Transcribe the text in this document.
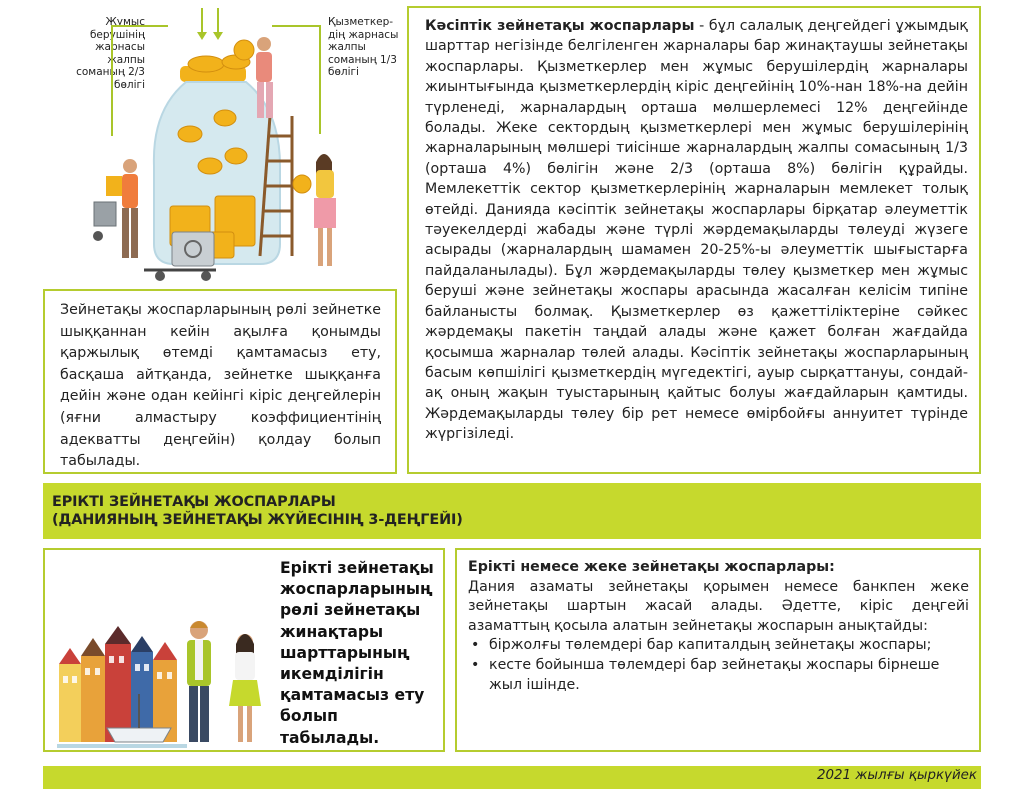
Жұмыс берушінің жарнасы жалпы соманың 2/3 бөлігі
Қызметкер-дің жарнасы жалпы соманың 1/3 бөлігі
Кәсіптік зейнетақы жоспарлары - бұл салалық деңгейдегі ұжымдық шарттар негізінде белгіленген жарналары бар жинақтаушы зейнетақы жоспарлары. Қызметкерлер мен жұмыс берушілердің жарналары жиынтығында қызметкерлердің кіріс деңгейінің 10%-нан 18%-на дейін түрленеді, жарналардың орташа мөлшерлемесі 12% деңгейінде болады. Жеке сектордың қызметкерлері мен жұмыс берушілерінің жарналарының мөлшері тиісінше жарналардың жалпы сомасының 1/3 (орташа 4%) бөлігін және 2/3 (орташа 8%) бөлігін құрайды. Мемлекеттік сектор қызметкерлерінің жарналарын мемлекет толық өтейді. Данияда кәсіптік зейнетақы жоспарлары бірқатар әлеуметтік тәуекелдерді жабады және түрлі жәрдемақыларды төлеуді жүзеге асырады (жарналардың шамамен 20-25%-ы әлеуметтік шығыстарға пайдаланылады). Бұл жәрдемақыларды төлеу қызметкер мен жұмыс беруші және зейнетақы жоспары арасында жасалған келісім типіне байланысты болмақ. Қызметкерлер өз қажеттіліктеріне сәйкес жәрдемақы пакетін таңдай алады және қажет болған жағдайда қосымша жарналар төлей алады. Кәсіптік зейнетақы жоспарларының басым көпшілігі қызметкердің мүгедектігі, ауыр сырқаттануы, сондай-ақ оның жақын туыстарының қайтыс болуы жағдайларын қамтиды. Жәрдемақыларды төлеу бір рет немесе өмірбойғы аннуитет түрінде жүргізіледі.
Зейнетақы жоспарларының рөлі зейнетке шыққаннан кейін ақылға қонымды қаржылық өтемді қамтамасыз ету, басқаша айтқанда, зейнетке шыққанға дейін және одан кейінгі кіріс деңгейлерін (яғни алмастыру коэффициентінің адекватты деңгейін) қолдау болып табылады.
ЕРІКТІ ЗЕЙНЕТАҚЫ ЖОСПАРЛАРЫ
(ДАНИЯНЫҢ ЗЕЙНЕТАҚЫ ЖҮЙЕСІНІҢ 3-ДЕҢГЕЙІ)
Ерікті зейнетақы жоспарларының рөлі зейнетақы жинақтары шарттарының икемділігін қамтамасыз ету болып табылады.
Ерікті немесе жеке зейнетақы жоспарлары:
Дания азаматы зейнетақы қорымен немесе банкпен жеке зейнетақы шартын жасай алады. Әдетте, кіріс деңгейі азаматтың қосыла алатын зейнетақы жоспарын анықтайды:
• біржолғы төлемдері бар капиталдың зейнетақы жоспары;
• кесте бойынша төлемдері бар зейнетақы жоспары бірнеше жыл ішінде.
2021 жылғы қыркүйек
